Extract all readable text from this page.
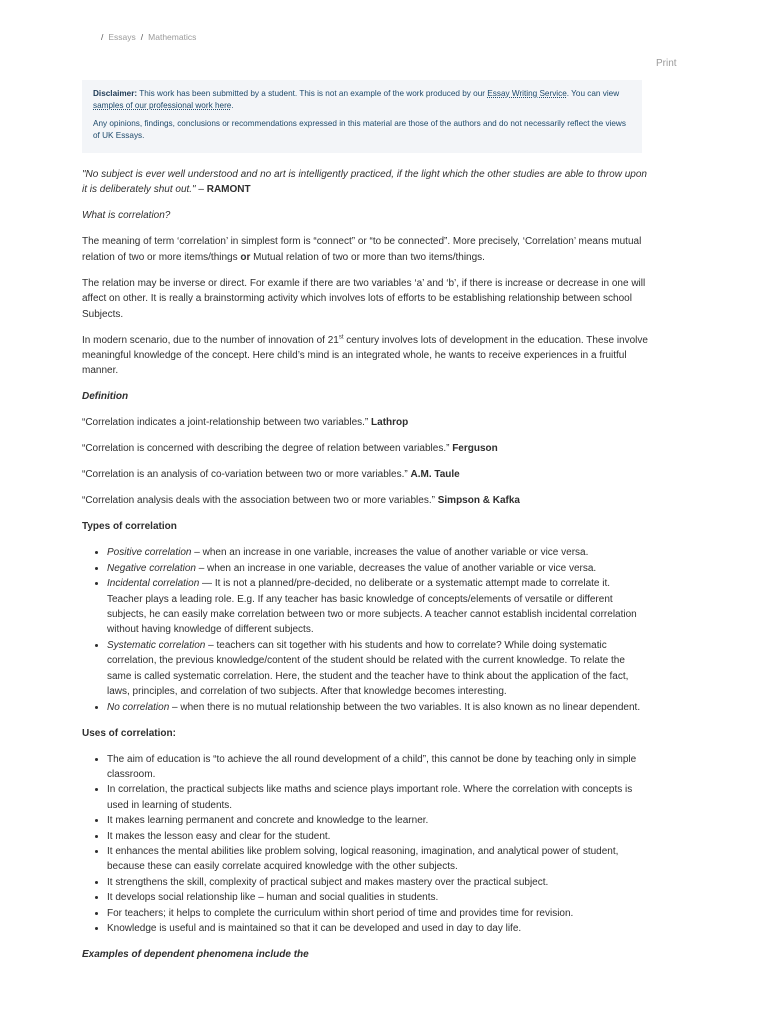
/ Essays / Mathematics
Print

Disclaimer: This work has been submitted by a student. This is not an example of the work produced by our Essay Writing Service. You can view samples of our professional work here.

Any opinions, findings, conclusions or recommendations expressed in this material are those of the authors and do not necessarily reflect the views of UK Essays.

"No subject is ever well understood and no art is intelligently practiced, if the light which the other studies are able to throw upon it is deliberately shut out." – RAMONT

What is correlation?

The meaning of term ‘correlation’ in simplest form is “connect” or “to be connected”. More precisely, ‘Correlation’ means mutual relation of two or more items/things or Mutual relation of two or more than two items/things.

The relation may be inverse or direct. For examle if there are two variables ‘a’ and ‘b’, if there is increase or decrease in one will affect on other. It is really a brainstorming activity which involves lots of efforts to be establishing relationship between school Subjects.

In modern scenario, due to the number of innovation of 21st century involves lots of development in the education. These involve meaningful knowledge of the concept. Here child’s mind is an integrated whole, he wants to receive experiences in a fruitful manner.

Definition

“Correlation indicates a joint-relationship between two variables.” Lathrop

“Correlation is concerned with describing the degree of relation between variables.” Ferguson

“Correlation is an analysis of co-variation between two or more variables.” A.M. Taule

“Correlation analysis deals with the association between two or more variables.” Simpson & Kafka

Types of correlation
• Positive correlation – when an increase in one variable, increases the value of another variable or vice versa.
• Negative correlation – when an increase in one variable, decreases the value of another variable or vice versa.
• Incidental correlation — It is not a planned/pre-decided, no deliberate or a systematic attempt made to correlate it. Teacher plays a leading role. E.g. If any teacher has basic knowledge of concepts/elements of versatile or different subjects, he can easily make correlation between two or more subjects. A teacher cannot establish incidental correlation without having knowledge of different subjects.
• Systematic correlation – teachers can sit together with his students and how to correlate? While doing systematic correlation, the previous knowledge/content of the student should be related with the current knowledge. To relate the same is called systematic correlation. Here, the student and the teacher have to think about the application of the fact, laws, principles, and correlation of two subjects. After that knowledge becomes interesting.
• No correlation – when there is no mutual relationship between the two variables. It is also known as no linear dependent.
Uses of correlation:
• The aim of education is “to achieve the all round development of a child”, this cannot be done by teaching only in simple classroom.
• In correlation, the practical subjects like maths and science plays important role. Where the correlation with concepts is used in learning of students.
• It makes learning permanent and concrete and knowledge to the learner.
• It makes the lesson easy and clear for the student.
• It enhances the mental abilities like problem solving, logical reasoning, imagination, and analytical power of student, because these can easily correlate acquired knowledge with the other subjects.
• It strengthens the skill, complexity of practical subject and makes mastery over the practical subject.
• It develops social relationship like – human and social qualities in students.
• For teachers; it helps to complete the curriculum within short period of time and provides time for revision.
• Knowledge is useful and is maintained so that it can be developed and used in day to day life.

Examples of dependent phenomena include the
